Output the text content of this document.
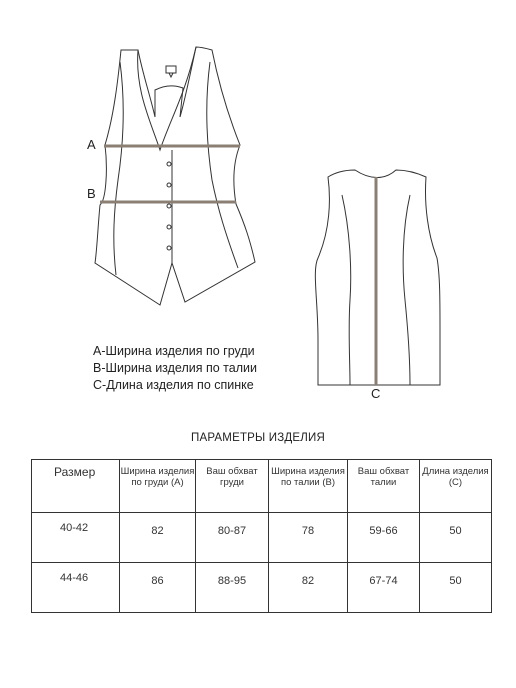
A
B
C
А-Ширина изделия по груди
В-Ширина изделия по талии
С-Длина изделия по спинке
ПАРАМЕТРЫ ИЗДЕЛИЯ
Размер	Ширина изделия по груди (А)	Ваш обхват груди	Ширина изделия по талии (В)	Ваш обхват талии	Длина изделия (С)
40-42	82	80-87	78	59-66	50
44-46	86	88-95	82	67-74	50
